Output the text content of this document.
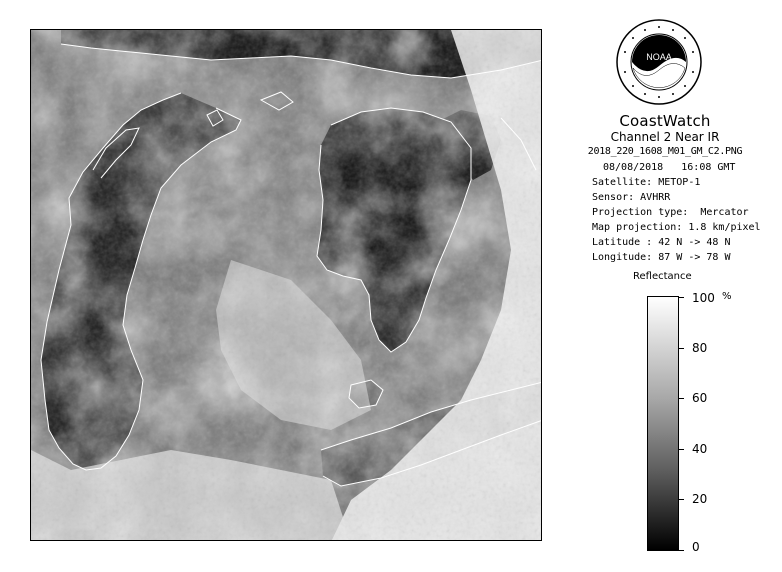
NOAA
CoastWatch
Channel 2 Near IR
2018_220_1608_M01_GM_C2.PNG
08/08/2018   16:08 GMT
Satellite: METOP-1
Sensor: AVHRR
Projection type:  Mercator
Map projection: 1.8 km/pixel
Latitude : 42 N -> 48 N
Longitude: 87 W -> 78 W
Reflectance
%
100
80
60
40
20
0
